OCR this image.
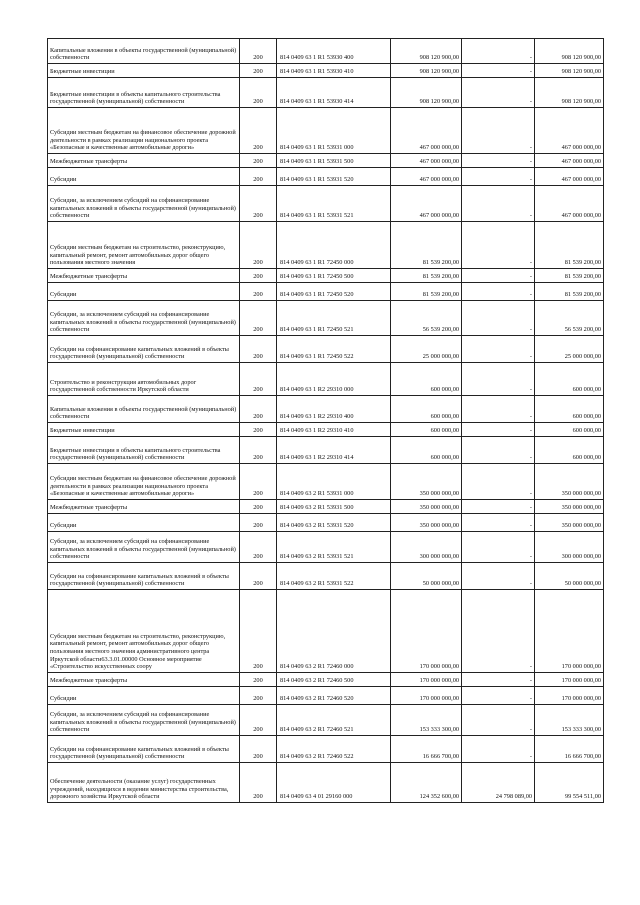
Капитальные вложения в объекты государственной (муниципальной) собственности	200	814 0409 63 1 R1 53930 400	908 120 900,00	-	908 120 900,00
Бюджетные инвестиции	200	814 0409 63 1 R1 53930 410	908 120 900,00	-	908 120 900,00
Бюджетные инвестиции в объекты капитального строительства государственной (муниципальной) собственности	200	814 0409 63 1 R1 53930 414	908 120 900,00	-	908 120 900,00
Субсидии местным бюджетам на финансовое обеспечение дорожной деятельности в рамках реализации национального проекта «Безопасные и качественные автомобильные дороги»	200	814 0409 63 1 R1 53931 000	467 000 000,00	-	467 000 000,00
Межбюджетные трансферты	200	814 0409 63 1 R1 53931 500	467 000 000,00	-	467 000 000,00
Субсидии	200	814 0409 63 1 R1 53931 520	467 000 000,00	-	467 000 000,00
Субсидии, за исключением субсидий на софинансирование капитальных вложений в объекты государственной (муниципальной) собственности	200	814 0409 63 1 R1 53931 521	467 000 000,00	-	467 000 000,00
Субсидии местным бюджетам на строительство, реконструкцию, капитальный ремонт, ремонт автомобильных дорог общего пользования местного значения	200	814 0409 63 1 R1 72450 000	81 539 200,00	-	81 539 200,00
Межбюджетные трансферты	200	814 0409 63 1 R1 72450 500	81 539 200,00	-	81 539 200,00
Субсидии	200	814 0409 63 1 R1 72450 520	81 539 200,00	-	81 539 200,00
Субсидии, за исключением субсидий на софинансирование капитальных вложений в объекты государственной (муниципальной) собственности	200	814 0409 63 1 R1 72450 521	56 539 200,00	-	56 539 200,00
Субсидии на софинансирование капитальных вложений в объекты государственной (муниципальной) собственности	200	814 0409 63 1 R1 72450 522	25 000 000,00	-	25 000 000,00
Строительство и реконструкция автомобильных дорог государственной собственности Иркутской области	200	814 0409 63 1 R2 29310 000	600 000,00	-	600 000,00
Капитальные вложения в объекты государственной (муниципальной) собственности	200	814 0409 63 1 R2 29310 400	600 000,00	-	600 000,00
Бюджетные инвестиции	200	814 0409 63 1 R2 29310 410	600 000,00	-	600 000,00
Бюджетные инвестиции в объекты капитального строительства государственной (муниципальной) собственности	200	814 0409 63 1 R2 29310 414	600 000,00	-	600 000,00
Субсидии местным бюджетам на финансовое обеспечение дорожной деятельности в рамках реализации национального проекта «Безопасные и качественные автомобильные дороги»	200	814 0409 63 2 R1 53931 000	350 000 000,00	-	350 000 000,00
Межбюджетные трансферты	200	814 0409 63 2 R1 53931 500	350 000 000,00	-	350 000 000,00
Субсидии	200	814 0409 63 2 R1 53931 520	350 000 000,00	-	350 000 000,00
Субсидии, за исключением субсидий на софинансирование капитальных вложений в объекты государственной (муниципальной) собственности	200	814 0409 63 2 R1 53931 521	300 000 000,00	-	300 000 000,00
Субсидии на софинансирование капитальных вложений в объекты государственной (муниципальной) собственности	200	814 0409 63 2 R1 53931 522	50 000 000,00	-	50 000 000,00
Субсидии местным бюджетам на строительство, реконструкцию, капитальный ремонт, ремонт автомобильных дорог общего пользования местного значения административного центра Иркутской области63.3.01.00000 Основное мероприятие «Строительство искусственных соору	200	814 0409 63 2 R1 72460 000	170 000 000,00	-	170 000 000,00
Межбюджетные трансферты	200	814 0409 63 2 R1 72460 500	170 000 000,00	-	170 000 000,00
Субсидии	200	814 0409 63 2 R1 72460 520	170 000 000,00	-	170 000 000,00
Субсидии, за исключением субсидий на софинансирование капитальных вложений в объекты государственной (муниципальной) собственности	200	814 0409 63 2 R1 72460 521	153 333 300,00	-	153 333 300,00
Субсидии на софинансирование капитальных вложений в объекты государственной (муниципальной) собственности	200	814 0409 63 2 R1 72460 522	16 666 700,00	-	16 666 700,00
Обеспечение деятельности (оказание услуг) государственных учреждений, находящихся в ведении министерства строительства, дорожного хозяйства Иркутской области	200	814 0409 63 4 01 29160 000	124 352 600,00	24 798 089,00	99 554 511,00
